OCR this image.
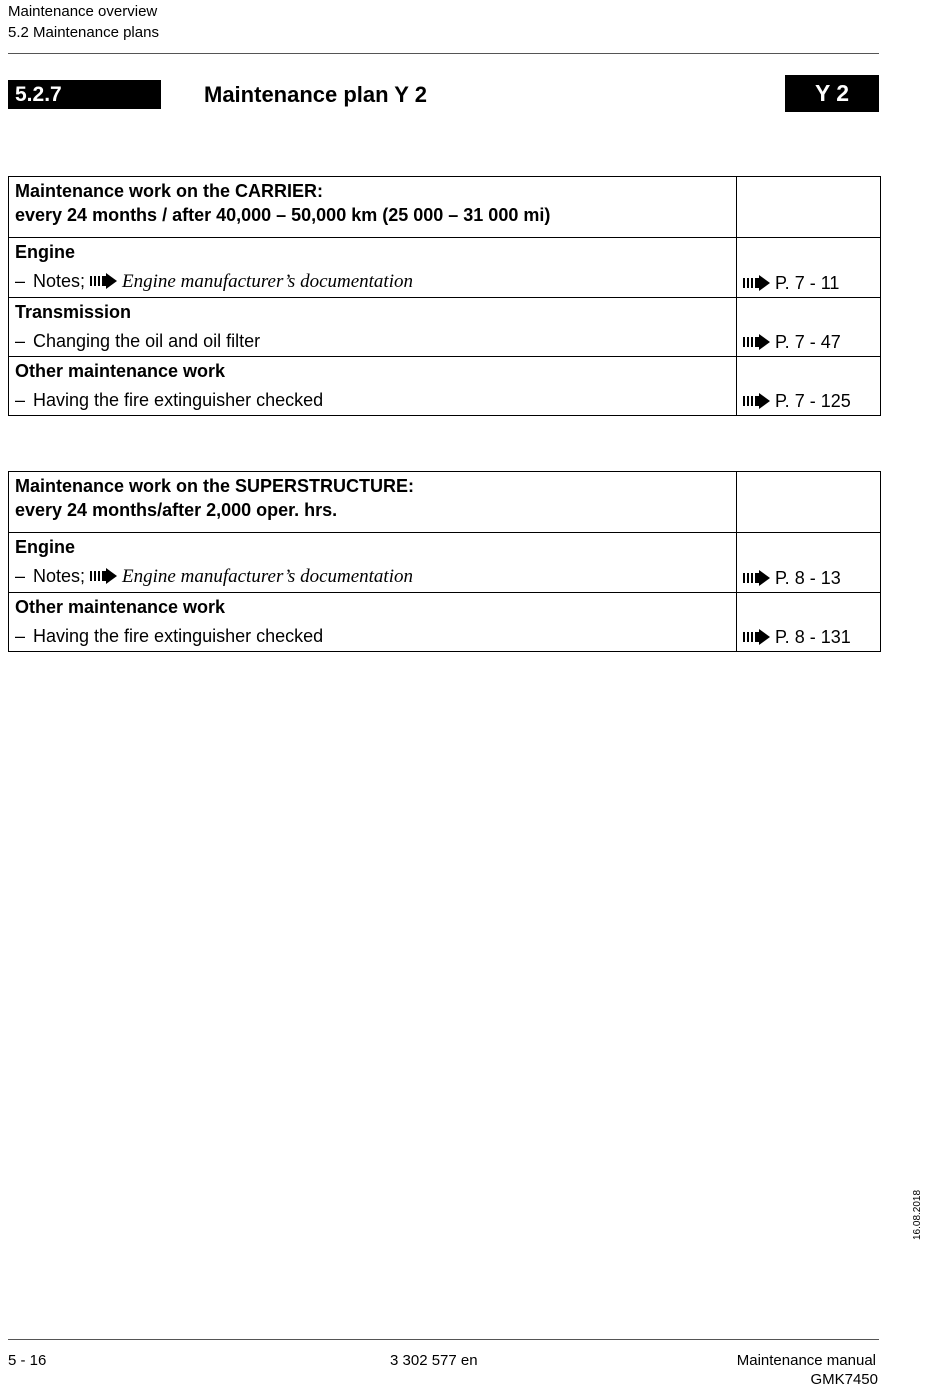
Maintenance overview
5.2 Maintenance plans
5.2.7	Maintenance plan Y 2	Y 2
Maintenance work on the CARRIER:
every 24 months / after 40,000 – 50,000 km (25 000 – 31 000 mi)	

Engine
– Notes; Engine manufacturer’s documentation	P. 7 - 11

Transmission
– Changing the oil and oil filter	P. 7 - 47

Other maintenance work
– Having the fire extinguisher checked	P. 7 - 125
Maintenance work on the SUPERSTRUCTURE:
every 24 months/after 2,000 oper. hrs.	

Engine
– Notes; Engine manufacturer’s documentation	P. 8 - 13

Other maintenance work
– Having the fire extinguisher checked	P. 8 - 131
16.08.2018
5 - 16	3 302 577 en	Maintenance manual
GMK7450
